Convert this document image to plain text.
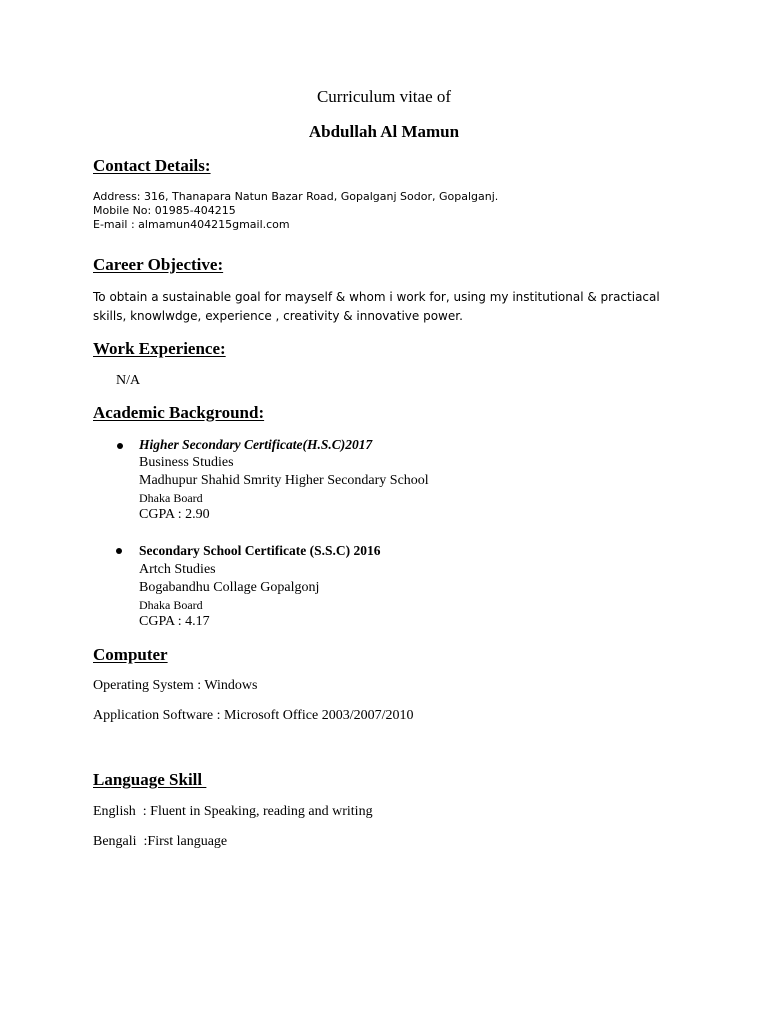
Curriculum vitae of
Abdullah Al Mamun
Contact Details:
Address: 316, Thanapara Natun Bazar Road, Gopalganj Sodor, Gopalganj.
Mobile No: 01985-404215
E-mail : almamun404215gmail.com
Career Objective:
To obtain a sustainable goal for mayself & whom i work for, using my institutional & practiacal
skills, knowlwdge, experience , creativity & innovative power.
Work Experience:
N/A
Academic Background:
Higher Secondary Certificate(H.S.C)2017
Business Studies
Madhupur Shahid Smrity Higher Secondary School
Dhaka Board
CGPA : 2.90
Secondary School Certificate (S.S.C) 2016
Artch Studies
Bogabandhu Collage Gopalgonj
Dhaka Board
CGPA : 4.17
Computer
Operating System : Windows
Application Software : Microsoft Office 2003/2007/2010
Language Skill
English  : Fluent in Speaking, reading and writing
Bengali  :First language
